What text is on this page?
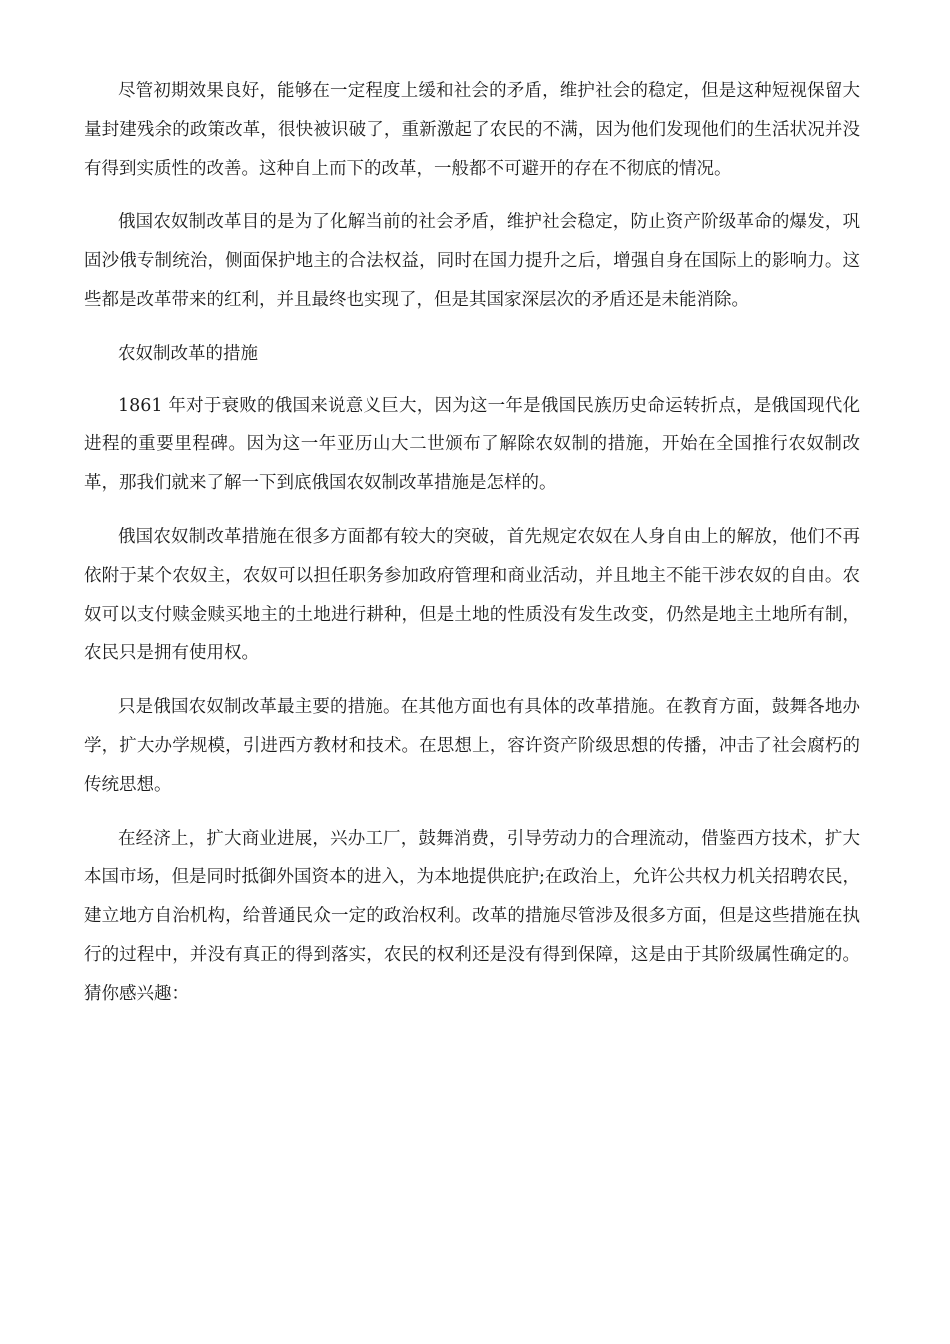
尽管初期效果良好，能够在一定程度上缓和社会的矛盾，维护社会的稳定，但是这种短视保留大量封建残余的政策改革，很快被识破了，重新激起了农民的不满，因为他们发现他们的生活状况并没有得到实质性的改善。这种自上而下的改革，一般都不可避开的存在不彻底的情况。

俄国农奴制改革目的是为了化解当前的社会矛盾，维护社会稳定，防止资产阶级革命的爆发，巩固沙俄专制统治，侧面保护地主的合法权益，同时在国力提升之后，增强自身在国际上的影响力。这些都是改革带来的红利，并且最终也实现了，但是其国家深层次的矛盾还是未能消除。

农奴制改革的措施

1861 年对于衰败的俄国来说意义巨大，因为这一年是俄国民族历史命运转折点，是俄国现代化进程的重要里程碑。因为这一年亚历山大二世颁布了解除农奴制的措施，开始在全国推行农奴制改革，那我们就来了解一下到底俄国农奴制改革措施是怎样的。

俄国农奴制改革措施在很多方面都有较大的突破，首先规定农奴在人身自由上的解放，他们不再依附于某个农奴主，农奴可以担任职务参加政府管理和商业活动，并且地主不能干涉农奴的自由。农奴可以支付赎金赎买地主的土地进行耕种，但是土地的性质没有发生改变，仍然是地主土地所有制，农民只是拥有使用权。

只是俄国农奴制改革最主要的措施。在其他方面也有具体的改革措施。在教育方面，鼓舞各地办学，扩大办学规模，引进西方教材和技术。在思想上，容许资产阶级思想的传播，冲击了社会腐朽的传统思想。

在经济上，扩大商业进展，兴办工厂，鼓舞消费，引导劳动力的合理流动，借鉴西方技术，扩大本国市场，但是同时抵御外国资本的进入，为本地提供庇护;在政治上，允许公共权力机关招聘农民，建立地方自治机构，给普通民众一定的政治权利。改革的措施尽管涉及很多方面，但是这些措施在执行的过程中，并没有真正的得到落实，农民的权利还是没有得到保障，这是由于其阶级属性确定的。猜你感兴趣：
